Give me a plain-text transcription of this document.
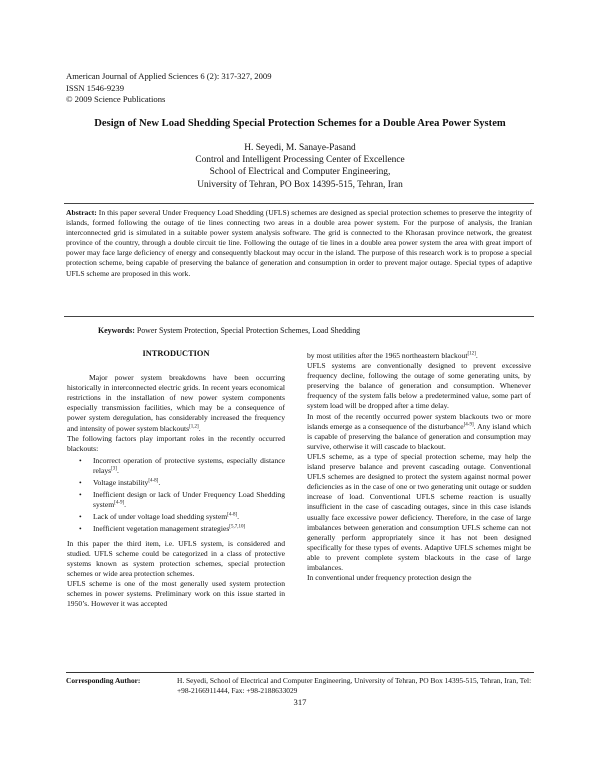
American Journal of Applied Sciences 6 (2): 317-327, 2009
ISSN 1546-9239
© 2009 Science Publications
Design of New Load Shedding Special Protection Schemes for a Double Area Power System
H. Seyedi, M. Sanaye-Pasand
Control and Intelligent Processing Center of Excellence
School of Electrical and Computer Engineering,
University of Tehran, PO Box 14395-515, Tehran, Iran

Abstract: In this paper several Under Frequency Load Shedding (UFLS) schemes are designed as special protection schemes to preserve the integrity of islands, formed following the outage of tie lines connecting two areas in a double area power system. For the purpose of analysis, the Iranian interconnected grid is simulated in a suitable power system analysis software. The grid is connected to the Khorasan province network, the greatest province of the country, through a double circuit tie line. Following the outage of tie lines in a double area power system the area with great import of power may face large deficiency of energy and consequently blackout may occur in the island. The purpose of this research work is to propose a special protection scheme, being capable of preserving the balance of generation and consumption in order to prevent major outage. Special types of adaptive UFLS scheme are proposed in this work.

Keywords: Power System Protection, Special Protection Schemes, Load Shedding
INTRODUCTION

Major power system breakdowns have been occurring historically in interconnected electric grids. In recent years economical restrictions in the installation of new power system components especially transmission facilities, which may be a consequence of power system deregulation, has considerably increased the frequency and intensity of power system blackouts[1,2].

The following factors play important roles in the recently occurred blackouts:

• Incorrect operation of protective systems, especially distance relays[3].
• Voltage instability[4-8].
• Inefficient design or lack of Under Frequency Load Shedding system[4-9].
• Lack of under voltage load shedding system[4-8].
• Inefficient vegetation management strategies[5,7,10]

In this paper the third item, i.e. UFLS system, is considered and studied. UFLS scheme could be categorized in a class of protective systems known as system protection schemes, special protection schemes or wide area protection schemes.

UFLS scheme is one of the most generally used system protection schemes in power systems. Preliminary work on this issue started in 1950’s. However it was accepted

by most utilities after the 1965 northeastern blackout[12].

UFLS systems are conventionally designed to prevent excessive frequency decline, following the outage of some generating units, by preserving the balance of generation and consumption. Whenever frequency of the system falls below a predetermined value, some part of system load will be dropped after a time delay.

In most of the recently occurred power system blackouts two or more islands emerge as a consequence of the disturbance[4-9]. Any island which is capable of preserving the balance of generation and consumption may survive, otherwise it will cascade to blackout.

UFLS scheme, as a type of special protection scheme, may help the island preserve balance and prevent cascading outage. Conventional UFLS schemes are designed to protect the system against normal power deficiencies as in the case of one or two generating unit outage or sudden increase of load. Conventional UFLS scheme reaction is usually insufficient in the case of cascading outages, since in this case islands usually face excessive power deficiency. Therefore, in the case of large imbalances between generation and consumption UFLS scheme can not generally perform appropriately since it has not been designed specifically for these types of events. Adaptive UFLS schemes might be able to prevent complete system blackouts in the case of large imbalances.

In conventional under frequency protection design the

Corresponding Author:	H. Seyedi, School of Electrical and Computer Engineering, University of Tehran, PO Box 14395-515, Tehran, Iran, Tel: +98-2166911444, Fax: +98-2188633029
317
